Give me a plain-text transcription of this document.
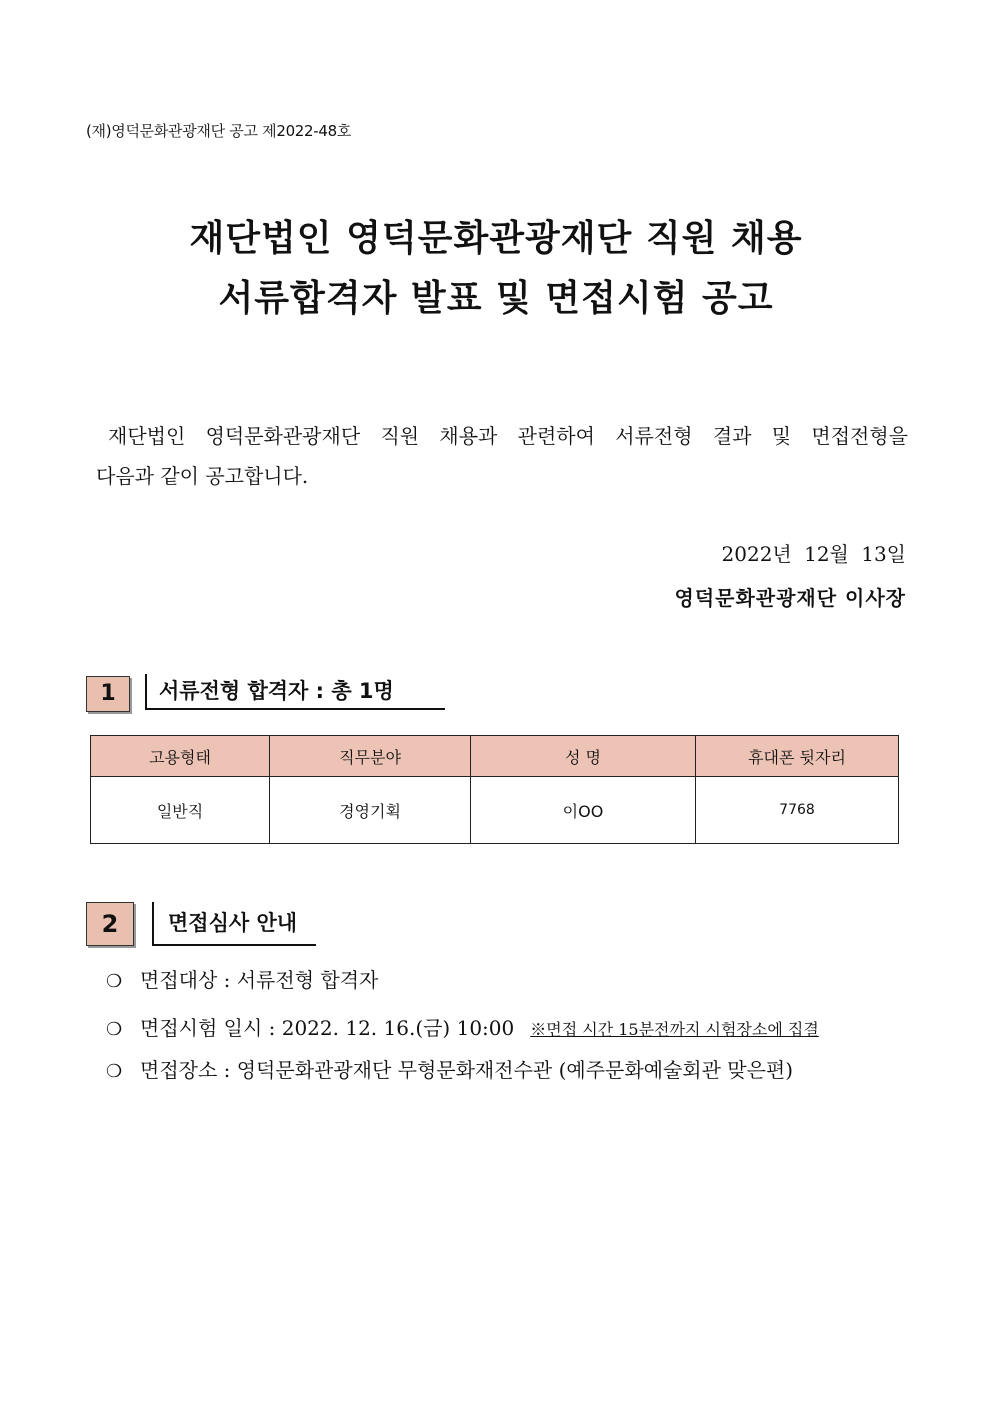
(재)영덕문화관광재단 공고 제2022-48호
재단법인 영덕문화관광재단 직원 채용
서류합격자 발표 및 면접시험 공고
재단법인 영덕문화관광재단 직원 채용과 관련하여 서류전형 결과 및 면접전형을
다음과 같이 공고합니다.
2022년 12월 13일
영덕문화관광재단 이사장
1	서류전형 합격자 : 총 1명
고용형태	직무분야	성 명	휴대폰 뒷자리
일반직	경영기획	이OO	7768
2	면접심사 안내
❍ 면접대상 : 서류전형 합격자
❍ 면접시험 일시 : 2022. 12. 16.(금) 10:00 ※면접 시간 15분전까지 시험장소에 집결
❍ 면접장소 : 영덕문화관광재단 무형문화재전수관 (예주문화예술회관 맞은편)
